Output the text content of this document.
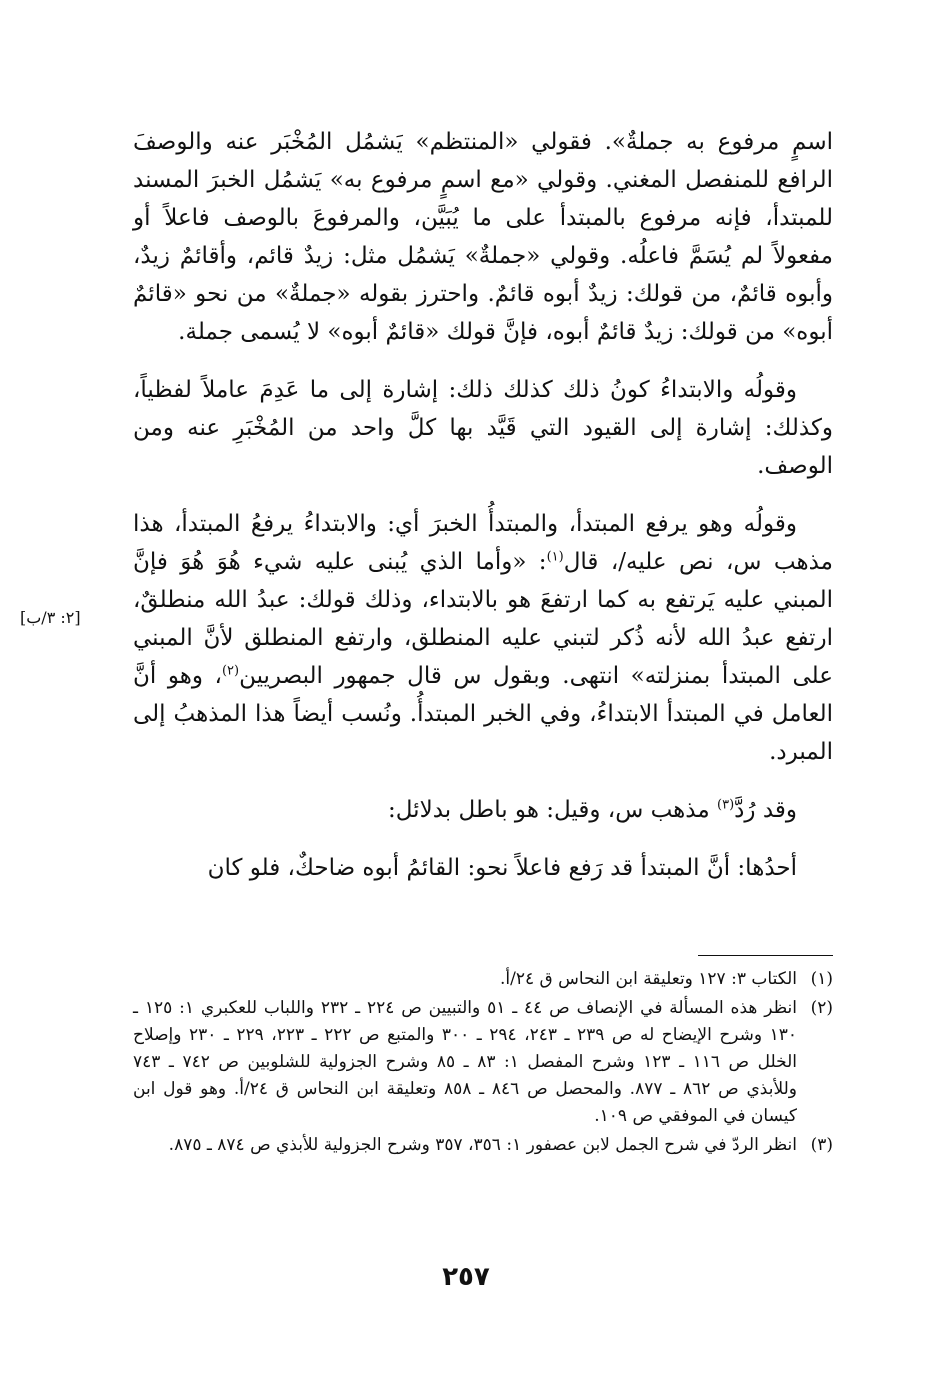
اسمٍ مرفوع به جملةٌ». فقولي «المنتظم» يَشمُل المُخْبَر عنه والوصفَ الرافع للمنفصل المغني. وقولي «مع اسمٍ مرفوع به» يَشمُل الخبرَ المسند للمبتدأ، فإنه مرفوع بالمبتدأ على ما يُبَيَّن، والمرفوعَ بالوصف فاعلاً أو مفعولاً لم يُسَمَّ فاعلُه. وقولي «جملةٌ» يَشمُل مثل: زيدٌ قائم، وأقائمٌ زيدٌ، وأبوه قائمٌ، من قولك: زيدٌ أبوه قائمٌ. واحترز بقوله «جملةٌ» من نحو «قائمٌ أبوه» من قولك: زيدٌ قائمٌ أبوه، فإنَّ قولك «قائمٌ أبوه» لا يُسمى جملة.

وقولُه والابتداءُ كونُ ذلك كذلك ذلك: إشارة إلى ما عَدِمَ عاملاً لفظياً، وكذلك: إشارة إلى القيود التي قَيَّد بها كلَّ واحد من المُخْبَرِ عنه ومن الوصف.

وقولُه وهو يرفع المبتدأ، والمبتدأُ الخبرَ أي: والابتداءُ يرفعُ المبتدأ، هذا مذهب س، نص عليه/، قال$^{(١)}$: «وأما الذي يُبنى عليه شيء هُوَ هُوَ فإنَّ المبني عليه يَرتفع به كما ارتفعَ هو بالابتداء، وذلك قولك: عبدُ الله منطلقٌ، ارتفع عبدُ الله لأنه ذُكر لتبني عليه المنطلق، وارتفع المنطلق لأنَّ المبني على المبتدأ بمنزلته» انتهى. وبقول س قال جمهور البصريين$^{(٢)}$، وهو أنَّ العامل في المبتدأ الابتداءُ، وفي الخبر المبتدأُ. ونُسب أيضاً هذا المذهبُ إلى المبرد.

وقد رُدَّ$^{(٣)}$ مذهب س، وقيل: هو باطل بدلائل:

أحدُها: أنَّ المبتدأ قد رَفع فاعلاً نحو: القائمُ أبوه ضاحكٌ، فلو كان

[٢: ٣/ب]
(١)
الكتاب ٣: ١٢٧ وتعليقة ابن النحاس ق ٢٤/أ.
(٢)
انظر هذه المسألة في الإنصاف ص ٤٤ ـ ٥١ والتبيين ص ٢٢٤ ـ ٢٣٢ واللباب للعكبري ١: ١٢٥ ـ ١٣٠ وشرح الإيضاح له ص ٢٣٩ ـ ٢٤٣، ٢٩٤ ـ ٣٠٠ والمتبع ص ٢٢٢ ـ ٢٢٣، ٢٢٩ ـ ٢٣٠ وإصلاح الخلل ص ١١٦ ـ ١٢٣ وشرح المفصل ١: ٨٣ ـ ٨٥ وشرح الجزولية للشلوبين ص ٧٤٢ ـ ٧٤٣ وللأبذي ص ٨٦٢ ـ ٨٧٧. والمحصل ص ٨٤٦ ـ ٨٥٨ وتعليقة ابن النحاس ق ٢٤/أ. وهو قول ابن كيسان في الموفقي ص ١٠٩.
(٣)
انظر الردّ في شرح الجمل لابن عصفور ١: ٣٥٦، ٣٥٧ وشرح الجزولية للأبذي ص ٨٧٤ ـ ٨٧٥.
٢٥٧
